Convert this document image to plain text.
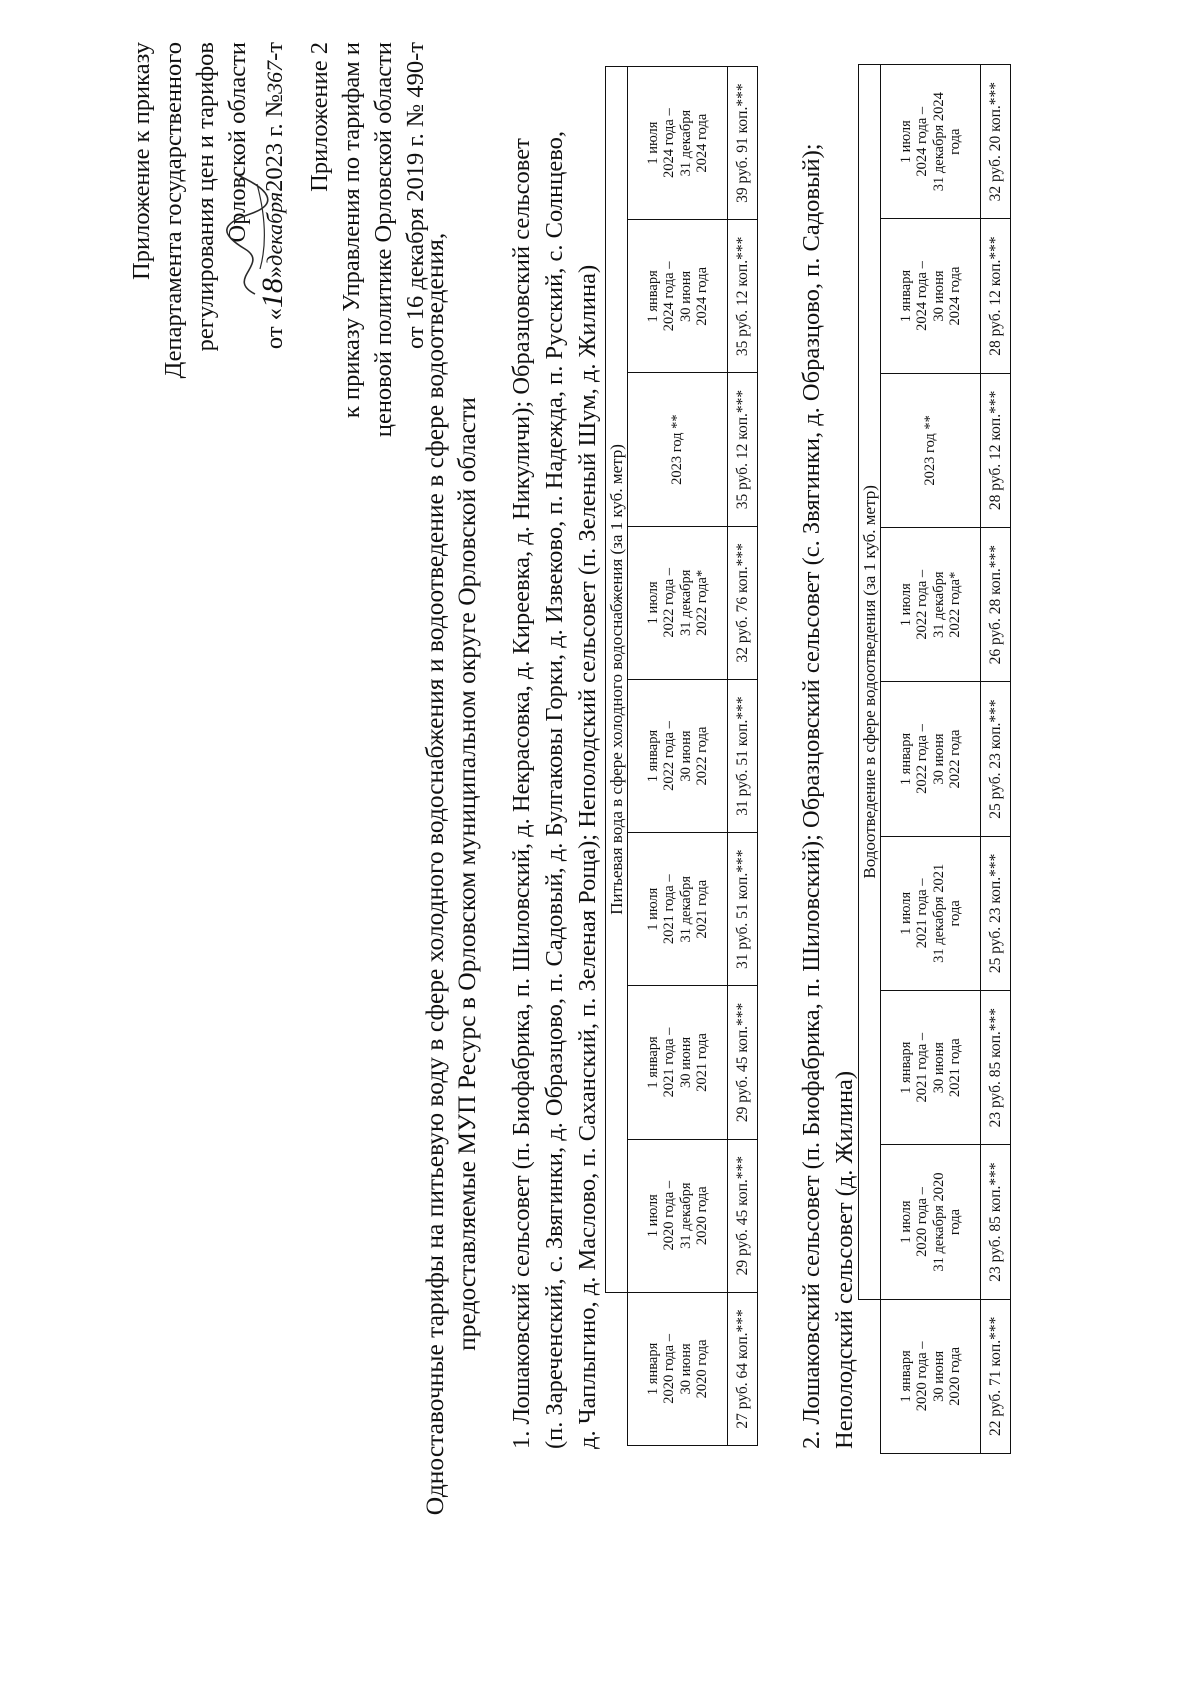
Приложение к приказу Департамента государственного регулирования цен и тарифов Орловской области
от «18»декабря2023 г. №367-т Приложение 2 к приказу Управления по тарифам и ценовой политике Орловской области от 16 декабря 2019 г. № 490-т
Одноставочные тарифы на питьевую воду в сфере холодного водоснабжения и водоотведение в сфере водоотведения, предоставляемые МУП Ресурс в Орловском муниципальном округе Орловской области 1. Лошаковский сельсовет (п. Биофабрика, п. Шиловский, д. Некрасовка, д. Киреевка, д. Никуличи); Образцовский сельсовет (п. Зареченский, с. Звягинки, д. Образцово, п. Садовый, д. Булгаковы Горки, д. Извеково, п. Надежда, п. Русский, с. Солнцево, д. Чаплыгино, д. Маслово, п. Саханский, п. Зеленая Роща); Неполодский сельсовет (п. Зеленый Шум, д. Жилина)
	Питьевая вода в сфере холодного водоснабжения (за 1 куб. метр)							
1 января
2020 года –
30 июня
2020 года	1 июля
2020 года –
31 декабря
2020 года	1 января
2021 года –
30 июня
2021 года	1 июля
2021 года –
31 декабря
2021 года	1 января
2022 года –
30 июня
2022 года	1 июля
2022 года –
31 декабря
2022 года*	2023 год **	1 января
2024 года –
30 июня
2024 года	1 июля
2024 года –
31 декабря
2024 года
27 руб. 64 коп.***	29 руб. 45 коп.***	29 руб. 45 коп.***	31 руб. 51 коп.***	31 руб. 51 коп.***	32 руб. 76 коп.***	35 руб. 12 коп.***	35 руб. 12 коп.***	39 руб. 91 коп.***
2. Лошаковский сельсовет (п. Биофабрика, п. Шиловский); Образцовский сельсовет (с. Звягинки, д. Образцово, п. Садовый); Неполодский сельсовет (д. Жилина)
	Водоотведение в сфере водоотведения (за 1 куб. метр)							
1 января
2020 года –
30 июня
2020 года	1 июля
2020 года –
31 декабря 2020
года	1 января
2021 года –
30 июня
2021 года	1 июля
2021 года –
31 декабря 2021
года	1 января
2022 года –
30 июня
2022 года	1 июля
2022 года –
31 декабря
2022 года*	2023 год **	1 января
2024 года –
30 июня
2024 года	1 июля
2024 года –
31 декабря 2024
года
22 руб. 71 коп.***	23 руб. 85 коп.***	23 руб. 85 коп.***	25 руб. 23 коп.***	25 руб. 23 коп.***	26 руб. 28 коп.***	28 руб. 12 коп.***	28 руб. 12 коп.***	32 руб. 20 коп.***
